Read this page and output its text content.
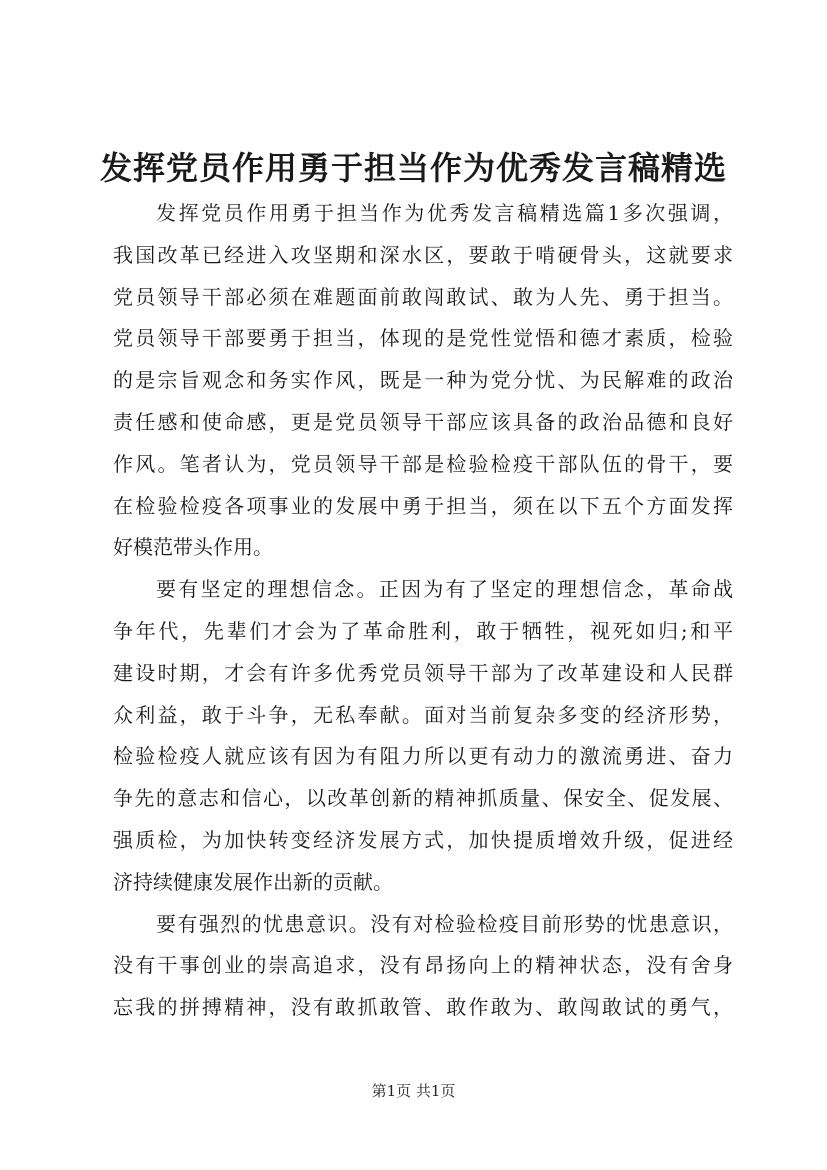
发挥党员作用勇于担当作为优秀发言稿精选
发挥党员作用勇于担当作为优秀发言稿精选篇1多次强调，
我国改革已经进入攻坚期和深水区，要敢于啃硬骨头，这就要求
党员领导干部必须在难题面前敢闯敢试、敢为人先、勇于担当。
党员领导干部要勇于担当，体现的是党性觉悟和德才素质，检验
的是宗旨观念和务实作风，既是一种为党分忧、为民解难的政治
责任感和使命感，更是党员领导干部应该具备的政治品德和良好
作风。笔者认为，党员领导干部是检验检疫干部队伍的骨干，要
在检验检疫各项事业的发展中勇于担当，须在以下五个方面发挥
好模范带头作用。
要有坚定的理想信念。正因为有了坚定的理想信念，革命战
争年代，先辈们才会为了革命胜利，敢于牺牲，视死如归;和平
建设时期，才会有许多优秀党员领导干部为了改革建设和人民群
众利益，敢于斗争，无私奉献。面对当前复杂多变的经济形势，
检验检疫人就应该有因为有阻力所以更有动力的激流勇进、奋力
争先的意志和信心，以改革创新的精神抓质量、保安全、促发展、
强质检，为加快转变经济发展方式，加快提质增效升级，促进经
济持续健康发展作出新的贡献。
要有强烈的忧患意识。没有对检验检疫目前形势的忧患意识，
没有干事创业的崇高追求，没有昂扬向上的精神状态，没有舍身
忘我的拼搏精神，没有敢抓敢管、敢作敢为、敢闯敢试的勇气，
第1页 共1页
